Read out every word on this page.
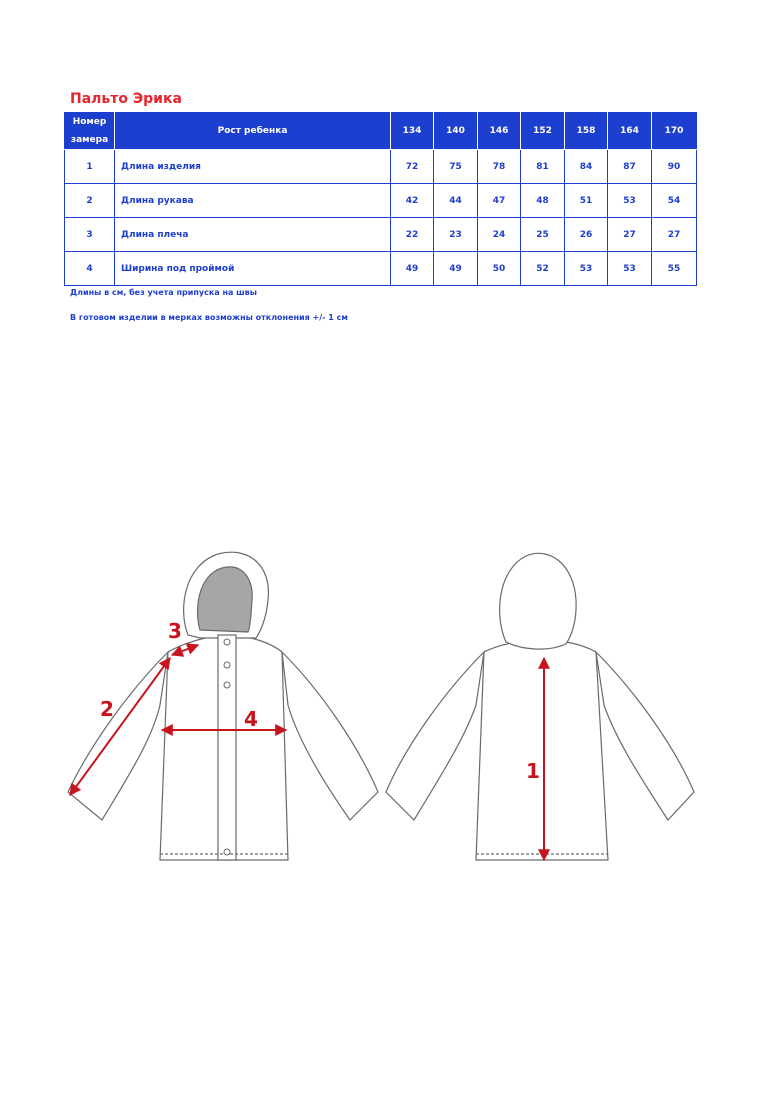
Пальто Эрика
Номер
замера	Рост ребенка	134	140	146	152	158	164	170
1	Длина изделия	72	75	78	81	84	87	90
2	Длина рукава	42	44	47	48	51	53	54
3	Длина плеча	22	23	24	25	26	27	27
4	Ширина под проймой	49	49	50	52	53	53	55

Длины в см, без учета припуска на швы

В готовом изделии в мерках возможны отклонения +/- 1 см

3
2	4
1
